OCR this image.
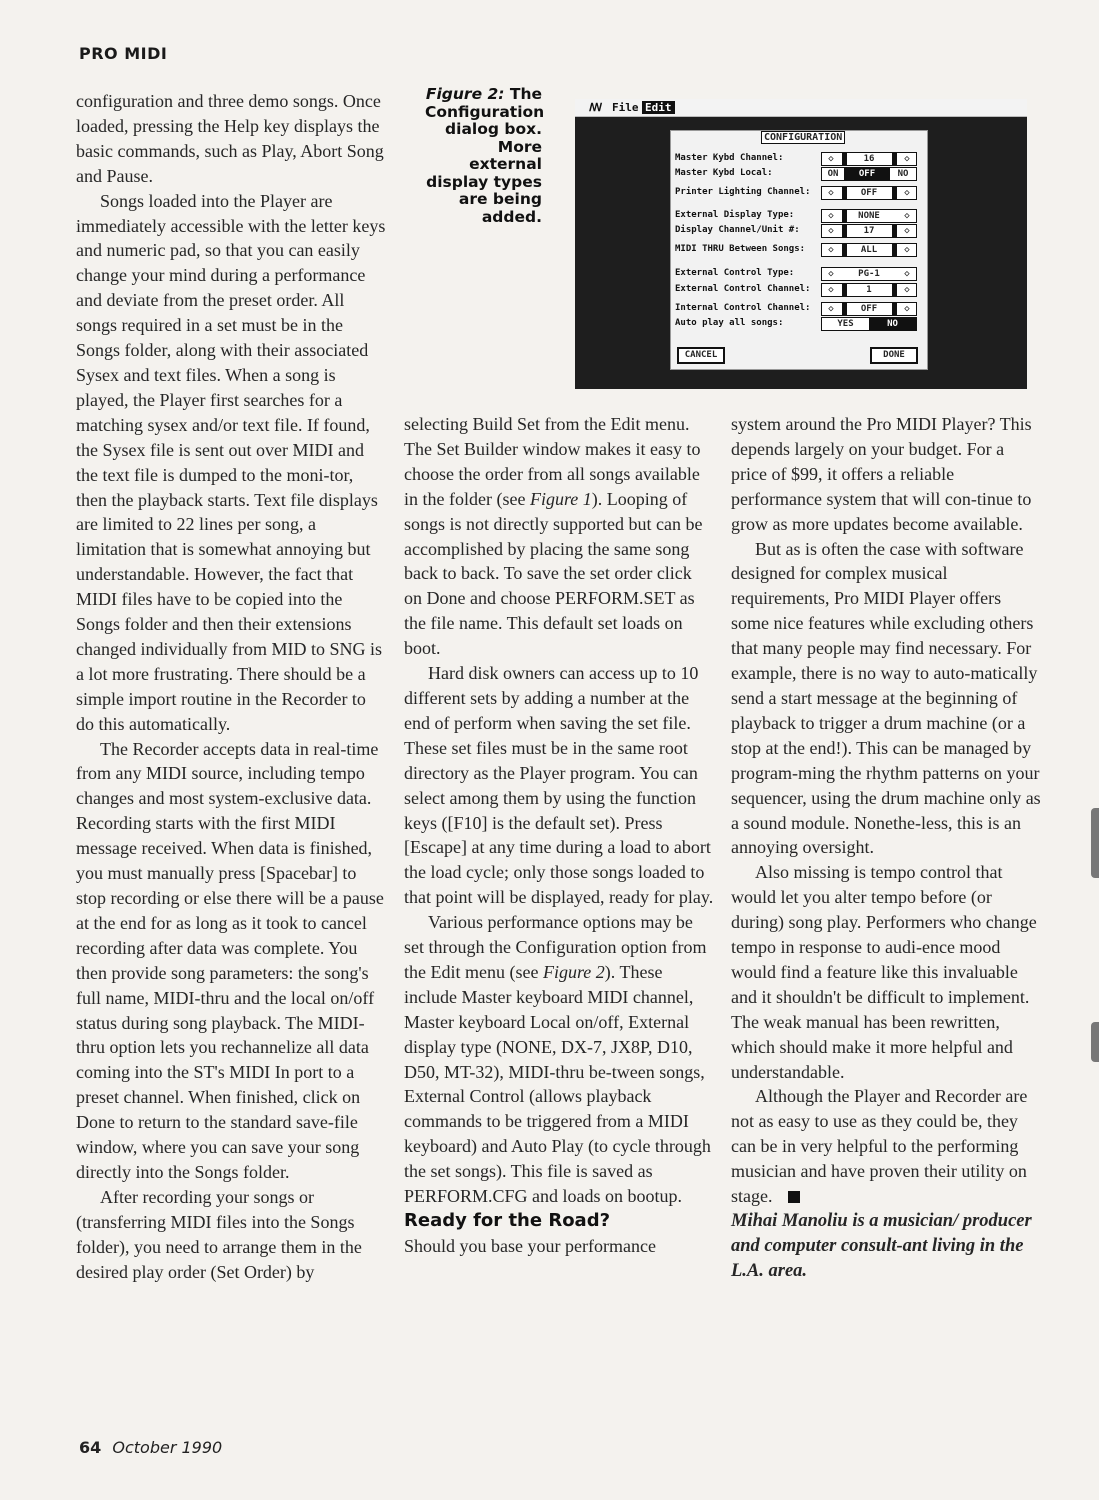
PRO MIDI

configuration and three demo songs. Once loaded, pressing the Help key displays the basic commands, such as Play, Abort Song and Pause.

Songs loaded into the Player are immediately accessible with the letter keys and numeric pad, so that you can easily change your mind during a performance and deviate from the preset order. All songs required in a set must be in the Songs folder, along with their associated Sysex and text files. When a song is played, the Player first searches for a matching sysex and/or text file. If found, the Sysex file is sent out over MIDI and the text file is dumped to the moni-tor, then the playback starts. Text file displays are limited to 22 lines per song, a limitation that is somewhat annoying but understandable. However, the fact that MIDI files have to be copied into the Songs folder and then their extensions changed individually from MID to SNG is a lot more frustrating. There should be a simple import routine in the Recorder to do this automatically.

The Recorder accepts data in real-time from any MIDI source, including tempo changes and most system-exclusive data. Recording starts with the first MIDI message received. When data is finished, you must manually press [Spacebar] to stop recording or else there will be a pause at the end for as long as it took to cancel recording after data was complete. You then provide song parameters: the song's full name, MIDI-thru and the local on/off status during song playback. The MIDI-thru option lets you rechannelize all data coming into the ST's MIDI In port to a preset channel. When finished, click on Done to return to the standard save-file window, where you can save your song directly into the Songs folder.

After recording your songs or (transferring MIDI files into the Songs folder), you need to arrange them in the desired play order (Set Order) by

Figure 2: The Configuration dialog box. More external display types are being added.
ꟿ File Edit
CONFIGURATION
Master Kybd Channel:	◇	16	◇
Master Kybd Local:	ON	OFF	NO
Printer Lighting Channel:	◇	OFF	◇
External Display Type:	◇	NONE	◇
Display Channel/Unit #:	◇	17	◇
MIDI THRU Between Songs:	◇	ALL	◇
External Control Type:	◇	PG-1	◇
External Control Channel:	◇	1	◇
Internal Control Channel:	◇	OFF	◇
Auto play all songs:	YES	NO
CANCEL	DONE

selecting Build Set from the Edit menu. The Set Builder window makes it easy to choose the order from all songs available in the folder (see Figure 1). Looping of songs is not directly supported but can be accomplished by placing the same song back to back. To save the set order click on Done and choose PERFORM.SET as the file name. This default set loads on boot.

Hard disk owners can access up to 10 different sets by adding a number at the end of perform when saving the set file. These set files must be in the same root directory as the Player program. You can select among them by using the function keys ([F10] is the default set). Press [Escape] at any time during a load to abort the load cycle; only those songs loaded to that point will be displayed, ready for play.

Various performance options may be set through the Configuration option from the Edit menu (see Figure 2). These include Master keyboard MIDI channel, Master keyboard Local on/off, External display type (NONE, DX-7, JX8P, D10, D50, MT-32), MIDI-thru be-tween songs, External Control (allows playback commands to be triggered from a MIDI keyboard) and Auto Play (to cycle through the set songs). This file is saved as PERFORM.CFG and loads on bootup.

Ready for the Road?

Should you base your performance

system around the Pro MIDI Player? This depends largely on your budget. For a price of $99, it offers a reliable performance system that will con-tinue to grow as more updates become available.

But as is often the case with software designed for complex musical requirements, Pro MIDI Player offers some nice features while excluding others that many people may find necessary. For example, there is no way to auto-matically send a start message at the beginning of playback to trigger a drum machine (or a stop at the end!). This can be managed by program-ming the rhythm patterns on your sequencer, using the drum machine only as a sound module. Nonethe-less, this is an annoying oversight.

Also missing is tempo control that would let you alter tempo before (or during) song play. Performers who change tempo in response to audi-ence mood would find a feature like this invaluable and it shouldn't be difficult to implement. The weak manual has been rewritten, which should make it more helpful and understandable.

Although the Player and Recorder are not as easy to use as they could be, they can be in very helpful to the performing musician and have proven their utility on stage.

Mihai Manoliu is a musician/ producer and computer consult-ant living in the L.A. area.

64 October 1990
